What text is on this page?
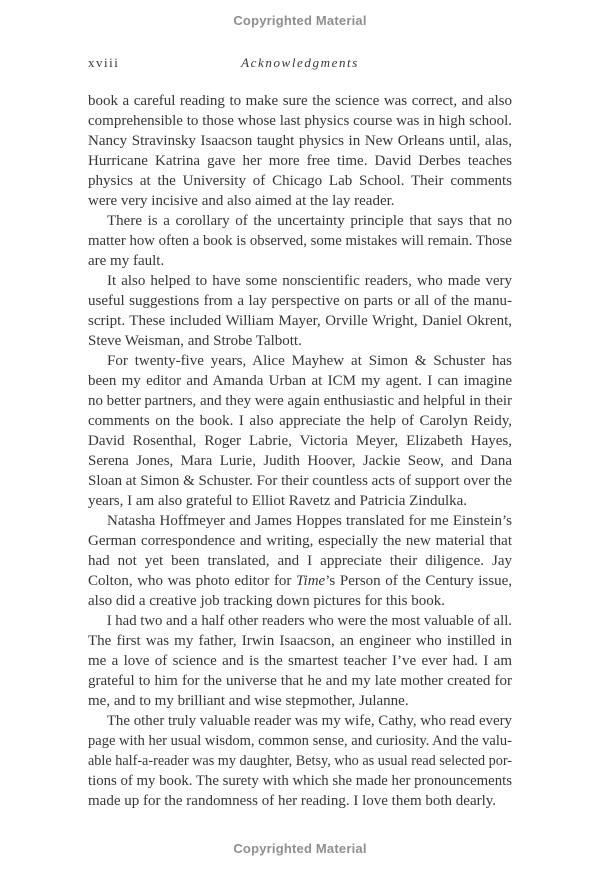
Copyrighted Material
xviii	Acknowledgments
book a careful reading to make sure the science was correct, and also
comprehensible to those whose last physics course was in high school.
Nancy Stravinsky Isaacson taught physics in New Orleans until, alas,
Hurricane Katrina gave her more free time. David Derbes teaches
physics at the University of Chicago Lab School. Their comments
were very incisive and also aimed at the lay reader.
There is a corollary of the uncertainty principle that says that no
matter how often a book is observed, some mistakes will remain. Those
are my fault.
It also helped to have some nonscientific readers, who made very
useful suggestions from a lay perspective on parts or all of the manu-
script. These included William Mayer, Orville Wright, Daniel Okrent,
Steve Weisman, and Strobe Talbott.
For twenty-five years, Alice Mayhew at Simon & Schuster has
been my editor and Amanda Urban at ICM my agent. I can imagine
no better partners, and they were again enthusiastic and helpful in their
comments on the book. I also appreciate the help of Carolyn Reidy,
David Rosenthal, Roger Labrie, Victoria Meyer, Elizabeth Hayes,
Serena Jones, Mara Lurie, Judith Hoover, Jackie Seow, and Dana
Sloan at Simon & Schuster. For their countless acts of support over the
years, I am also grateful to Elliot Ravetz and Patricia Zindulka.
Natasha Hoffmeyer and James Hoppes translated for me Einstein’s
German correspondence and writing, especially the new material that
had not yet been translated, and I appreciate their diligence. Jay
Colton, who was photo editor for Time’s Person of the Century issue,
also did a creative job tracking down pictures for this book.
I had two and a half other readers who were the most valuable of all.
The first was my father, Irwin Isaacson, an engineer who instilled in
me a love of science and is the smartest teacher I’ve ever had. I am
grateful to him for the universe that he and my late mother created for
me, and to my brilliant and wise stepmother, Julanne.
The other truly valuable reader was my wife, Cathy, who read every
page with her usual wisdom, common sense, and curiosity. And the valu-
able half-a-reader was my daughter, Betsy, who as usual read selected por-
tions of my book. The surety with which she made her pronouncements
made up for the randomness of her reading. I love them both dearly.
Copyrighted Material
